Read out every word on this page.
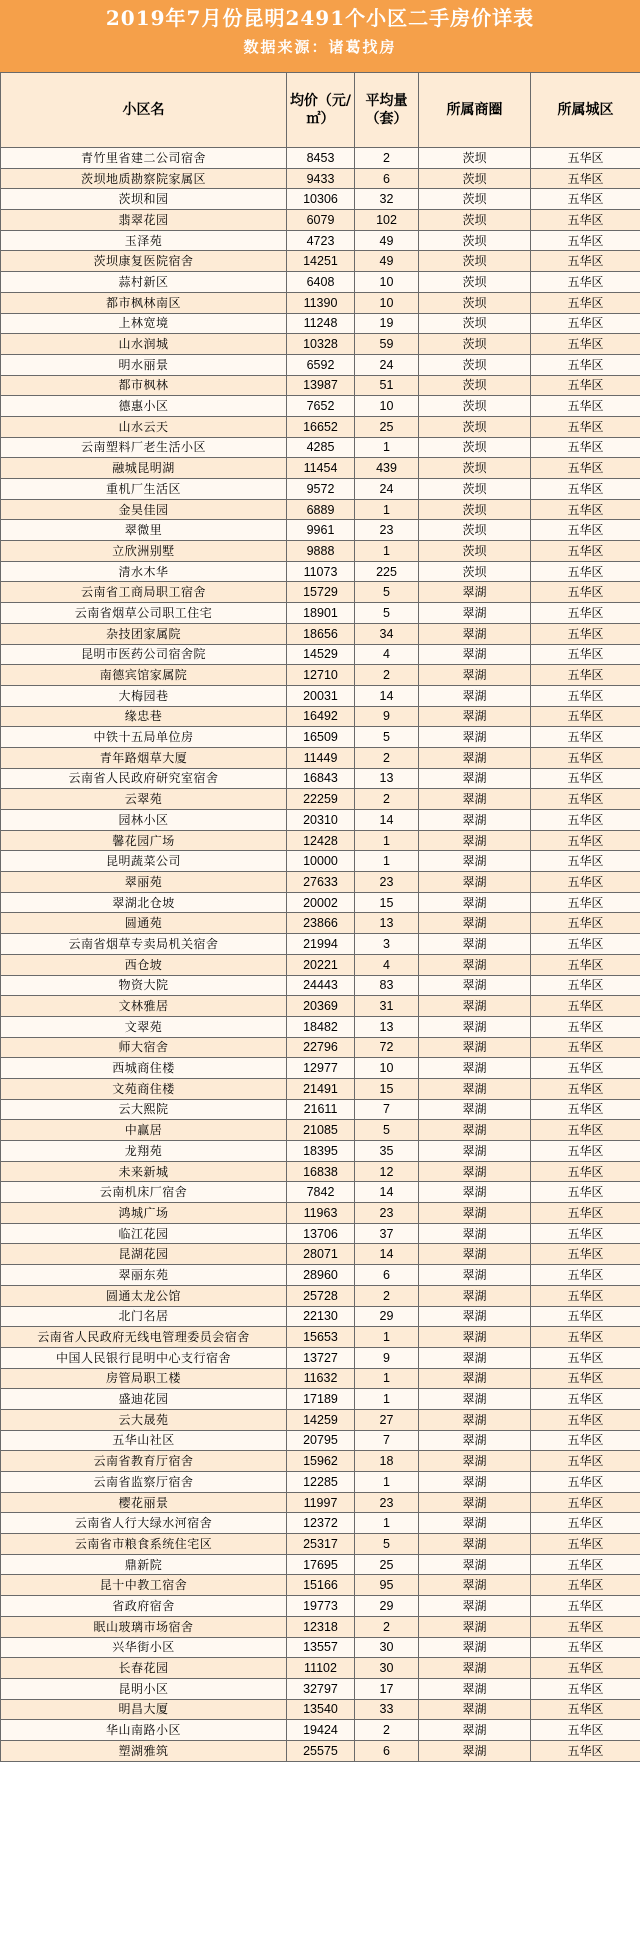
2019年7月份昆明2491个小区二手房价详表
数据来源：诸葛找房
小区名	均价（元/㎡）	平均量（套）	所属商圈	所属城区
青竹里省建二公司宿舍	8453	2	茨坝	五华区
茨坝地质勘察院家属区	9433	6	茨坝	五华区
茨坝和园	10306	32	茨坝	五华区
翡翠花园	6079	102	茨坝	五华区
玉泽苑	4723	49	茨坝	五华区
茨坝康复医院宿舍	14251	49	茨坝	五华区
蒜村新区	6408	10	茨坝	五华区
都市枫林南区	11390	10	茨坝	五华区
上林宽境	11248	19	茨坝	五华区
山水润城	10328	59	茨坝	五华区
明水丽景	6592	24	茨坝	五华区
都市枫林	13987	51	茨坝	五华区
德惠小区	7652	10	茨坝	五华区
山水云天	16652	25	茨坝	五华区
云南塑料厂老生活小区	4285	1	茨坝	五华区
融城昆明湖	11454	439	茨坝	五华区
重机厂生活区	9572	24	茨坝	五华区
金昊佳园	6889	1	茨坝	五华区
翠微里	9961	23	茨坝	五华区
立欣洲别墅	9888	1	茨坝	五华区
清水木华	11073	225	茨坝	五华区
云南省工商局职工宿舍	15729	5	翠湖	五华区
云南省烟草公司职工住宅	18901	5	翠湖	五华区
杂技团家属院	18656	34	翠湖	五华区
昆明市医药公司宿舍院	14529	4	翠湖	五华区
南德宾馆家属院	12710	2	翠湖	五华区
大梅园巷	20031	14	翠湖	五华区
缘忠巷	16492	9	翠湖	五华区
中铁十五局单位房	16509	5	翠湖	五华区
青年路烟草大厦	11449	2	翠湖	五华区
云南省人民政府研究室宿舍	16843	13	翠湖	五华区
云翠苑	22259	2	翠湖	五华区
园林小区	20310	14	翠湖	五华区
馨花园广场	12428	1	翠湖	五华区
昆明蔬菜公司	10000	1	翠湖	五华区
翠丽苑	27633	23	翠湖	五华区
翠湖北仓坡	20002	15	翠湖	五华区
圆通苑	23866	13	翠湖	五华区
云南省烟草专卖局机关宿舍	21994	3	翠湖	五华区
西仓坡	20221	4	翠湖	五华区
物资大院	24443	83	翠湖	五华区
文林雅居	20369	31	翠湖	五华区
文翠苑	18482	13	翠湖	五华区
师大宿舍	22796	72	翠湖	五华区
西城商住楼	12977	10	翠湖	五华区
文苑商住楼	21491	15	翠湖	五华区
云大熙院	21611	7	翠湖	五华区
中赢居	21085	5	翠湖	五华区
龙翔苑	18395	35	翠湖	五华区
未来新城	16838	12	翠湖	五华区
云南机床厂宿舍	7842	14	翠湖	五华区
鸿城广场	11963	23	翠湖	五华区
临江花园	13706	37	翠湖	五华区
昆湖花园	28071	14	翠湖	五华区
翠丽东苑	28960	6	翠湖	五华区
圆通太龙公馆	25728	2	翠湖	五华区
北门名居	22130	29	翠湖	五华区
云南省人民政府无线电管理委员会宿舍	15653	1	翠湖	五华区
中国人民银行昆明中心支行宿舍	13727	9	翠湖	五华区
房管局职工楼	11632	1	翠湖	五华区
盛迪花园	17189	1	翠湖	五华区
云大晟苑	14259	27	翠湖	五华区
五华山社区	20795	7	翠湖	五华区
云南省教育厅宿舍	15962	18	翠湖	五华区
云南省监察厅宿舍	12285	1	翠湖	五华区
樱花丽景	11997	23	翠湖	五华区
云南省人行大绿水河宿舍	12372	1	翠湖	五华区
云南省市粮食系统住宅区	25317	5	翠湖	五华区
鼎新院	17695	25	翠湖	五华区
昆十中教工宿舍	15166	95	翠湖	五华区
省政府宿舍	19773	29	翠湖	五华区
眠山玻璃市场宿舍	12318	2	翠湖	五华区
兴华街小区	13557	30	翠湖	五华区
长春花园	11102	30	翠湖	五华区
昆明小区	32797	17	翠湖	五华区
明昌大厦	13540	33	翠湖	五华区
华山南路小区	19424	2	翠湖	五华区
塑湖雅筑	25575	6	翠湖	五华区
